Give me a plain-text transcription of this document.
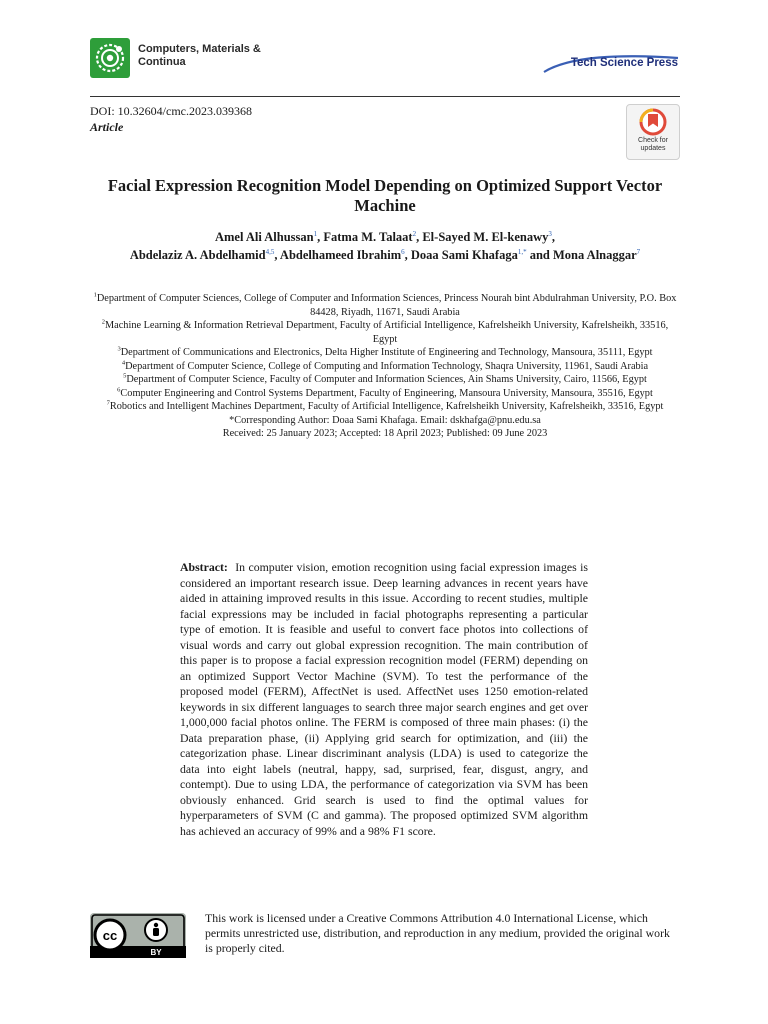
Computers, Materials &
Continua	Tech Science Press
DOI: 10.32604/cmc.2023.039368
Article
Check for
updates
Facial Expression Recognition Model Depending on Optimized Support Vector Machine
Amel Ali Alhussan$^1$, Fatma M. Talaat$^2$, El-Sayed M. El-kenawy$^3$,
Abdelaziz A. Abdelhamid$^{4,5}$, Abdelhameed Ibrahim$^6$, Doaa Sami Khafaga$^{1,*}$ and Mona Alnaggar$^7$
$^1$Department of Computer Sciences, College of Computer and Information Sciences, Princess Nourah bint Abdulrahman University, P.O. Box 84428, Riyadh, 11671, Saudi Arabia
$^2$Machine Learning & Information Retrieval Department, Faculty of Artificial Intelligence, Kafrelsheikh University, Kafrelsheikh, 33516, Egypt
$^3$Department of Communications and Electronics, Delta Higher Institute of Engineering and Technology, Mansoura, 35111, Egypt
$^4$Department of Computer Science, College of Computing and Information Technology, Shaqra University, 11961, Saudi Arabia
$^5$Department of Computer Science, Faculty of Computer and Information Sciences, Ain Shams University, Cairo, 11566, Egypt
$^6$Computer Engineering and Control Systems Department, Faculty of Engineering, Mansoura University, Mansoura, 35516, Egypt
$^7$Robotics and Intelligent Machines Department, Faculty of Artificial Intelligence, Kafrelsheikh University, Kafrelsheikh, 33516, Egypt
*Corresponding Author: Doaa Sami Khafaga. Email: dskhafga@pnu.edu.sa
Received: 25 January 2023; Accepted: 18 April 2023; Published: 09 June 2023
Abstract: In computer vision, emotion recognition using facial expression images is considered an important research issue. Deep learning advances in recent years have aided in attaining improved results in this issue. According to recent studies, multiple facial expressions may be included in facial photographs representing a particular type of emotion. It is feasible and useful to convert face photos into collections of visual words and carry out global expression recognition. The main contribution of this paper is to propose a facial expression recognition model (FERM) depending on an optimized Support Vector Machine (SVM). To test the performance of the proposed model (FERM), AffectNet is used. AffectNet uses 1250 emotion-related keywords in six different languages to search three major search engines and get over 1,000,000 facial photos online. The FERM is composed of three main phases: (i) the Data preparation phase, (ii) Applying grid search for optimization, and (iii) the categorization phase. Linear discriminant analysis (LDA) is used to categorize the data into eight labels (neutral, happy, sad, surprised, fear, disgust, angry, and contempt). Due to using LDA, the performance of categorization via SVM has been obviously enhanced. Grid search is used to find the optimal values for hyperparameters of SVM (C and gamma). The proposed optimized SVM algorithm has achieved an accuracy of 99% and a 98% F1 score.
cc
BY
This work is licensed under a Creative Commons Attribution 4.0 International License, which permits unrestricted use, distribution, and reproduction in any medium, provided the original work is properly cited.
